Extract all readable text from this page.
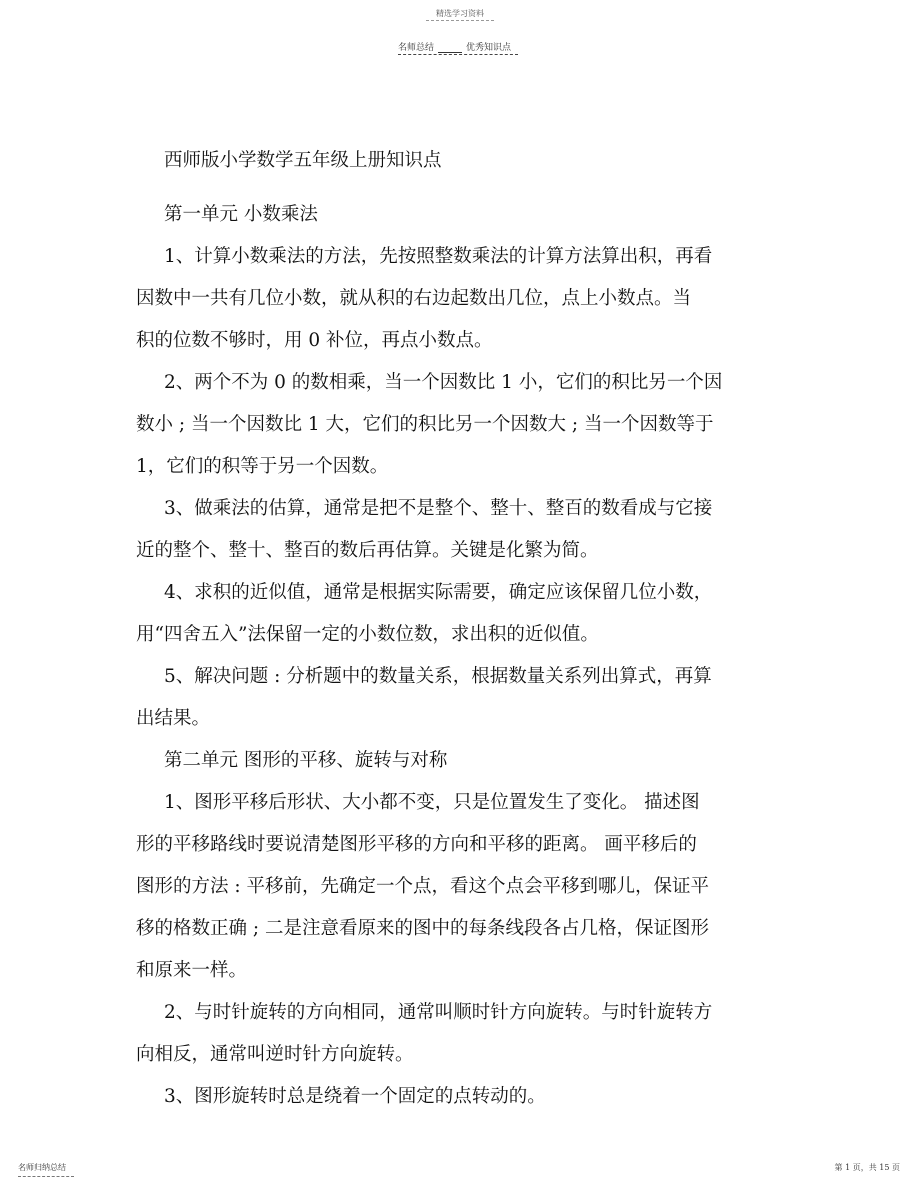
精选学习资料
名师总结	优秀知识点
西师版小学数学五年级上册知识点
第一单元 小数乘法
1、计算小数乘法的方法，先按照整数乘法的计算方法算出积，再看
因数中一共有几位小数，就从积的右边起数出几位，点上小数点。当
积的位数不够时，用 0 补位，再点小数点。
2、两个不为 0 的数相乘，当一个因数比 1 小，它们的积比另一个因
数小 ; 当一个因数比 1 大，它们的积比另一个因数大 ; 当一个因数等于
1，它们的积等于另一个因数。
3、做乘法的估算，通常是把不是整个、整十、整百的数看成与它接
近的整个、整十、整百的数后再估算。关键是化繁为简。
4、求积的近似值，通常是根据实际需要，确定应该保留几位小数，
用“四舍五入”法保留一定的小数位数，求出积的近似值。
5、解决问题 : 分析题中的数量关系，根据数量关系列出算式，再算
出结果。
第二单元 图形的平移、旋转与对称
1、图形平移后形状、大小都不变，只是位置发生了变化。 描述图
形的平移路线时要说清楚图形平移的方向和平移的距离。 画平移后的
图形的方法 : 平移前，先确定一个点，看这个点会平移到哪儿，保证平
移的格数正确 ; 二是注意看原来的图中的每条线段各占几格，保证图形
和原来一样。
2、与时针旋转的方向相同，通常叫顺时针方向旋转。与时针旋转方
向相反，通常叫逆时针方向旋转。
3、图形旋转时总是绕着一个固定的点转动的。
名师归纳总结	第 1 页，共 15 页
